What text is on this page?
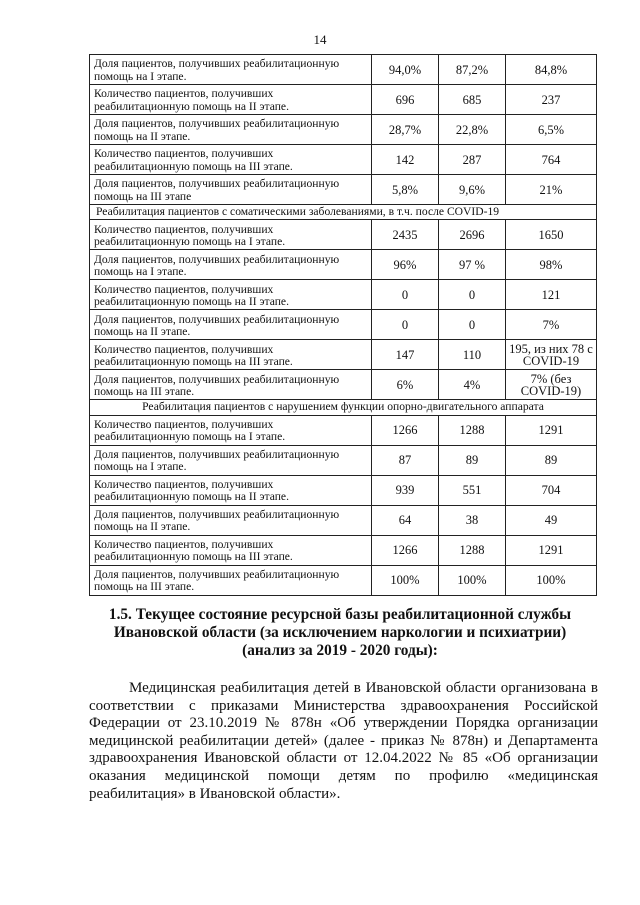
14
Доля пациентов, получивших реабилитационную помощь на I этапе.	94,0%	87,2%	84,8%
Количество пациентов, получивших реабилитационную помощь на II этапе.	696	685	237
Доля пациентов, получивших реабилитационную помощь на II этапе.	28,7%	22,8%	6,5%
Количество пациентов, получивших реабилитационную помощь на III этапе.	142	287	764
Доля пациентов, получивших реабилитационную помощь на III этапе	5,8%	9,6%	21%
Реабилитация пациентов с соматическими заболеваниями, в т.ч. после COVID-19			
Количество пациентов, получивших реабилитационную помощь на I этапе.	2435	2696	1650
Доля пациентов, получивших реабилитационную помощь на I этапе.	96%	97 %	98%
Количество пациентов, получивших реабилитационную помощь на II этапе.	0	0	121
Доля пациентов, получивших реабилитационную помощь на II этапе.	0	0	7%
Количество пациентов, получивших реабилитационную помощь на III этапе.	147	110	195, из них 78 с COVID-19
Доля пациентов, получивших реабилитационную помощь на III этапе.	6%	4%	7% (без COVID-19)
Реабилитация пациентов с нарушением функции опорно-двигательного аппарата			
Количество пациентов, получивших реабилитационную помощь на I этапе.	1266	1288	1291
Доля пациентов, получивших реабилитационную помощь на I этапе.	87	89	89
Количество пациентов, получивших реабилитационную помощь на II этапе.	939	551	704
Доля пациентов, получивших реабилитационную помощь на II этапе.	64	38	49
Количество пациентов, получивших реабилитационную помощь на III этапе.	1266	1288	1291
Доля пациентов, получивших реабилитационную помощь на III этапе.	100%	100%	100%
1.5. Текущее состояние ресурсной базы реабилитационной службы Ивановской области (за исключением наркологии и психиатрии) (анализ за 2019 - 2020 годы):
Медицинская реабилитация детей в Ивановской области организована в соответствии с приказами Министерства здравоохранения Российской Федерации от 23.10.2019 № 878н «Об утверждении Порядка организации медицинской реабилитации детей» (далее - приказ № 878н) и Департамента здравоохранения Ивановской области от 12.04.2022 № 85 «Об организации оказания медицинской помощи детям по профилю «медицинская реабилитация» в Ивановской области».
